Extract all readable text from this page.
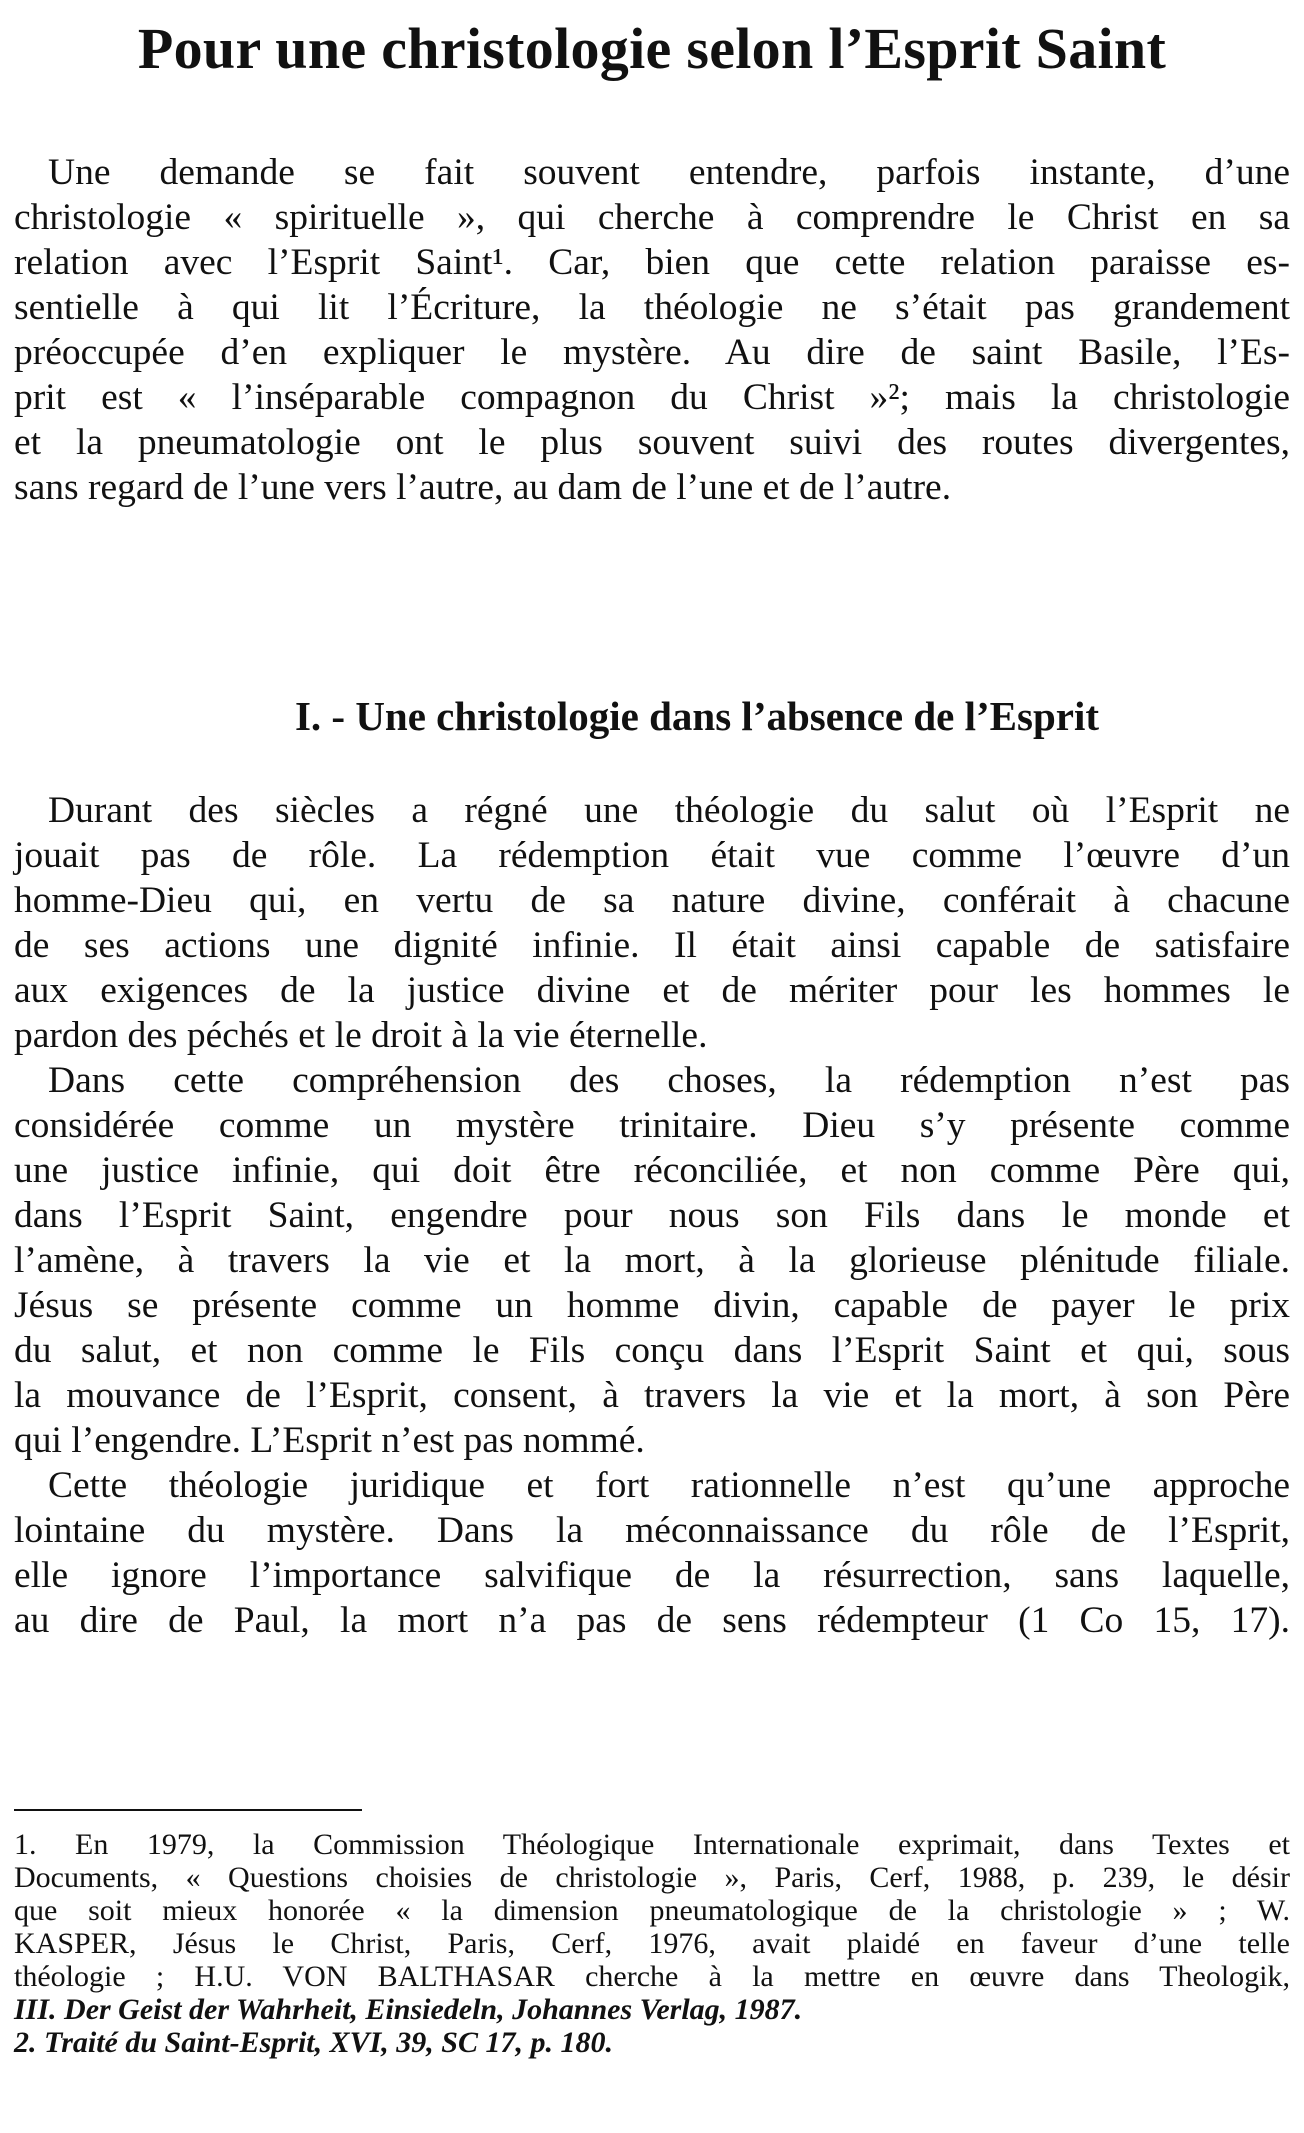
Pour une christologie selon l’Esprit Saint
Une demande se fait souvent entendre, parfois instante, d’une
christologie « spirituelle », qui cherche à comprendre le Christ en sa
relation avec l’Esprit Saint¹. Car, bien que cette relation paraisse es-
sentielle à qui lit l’Écriture, la théologie ne s’était pas grandement
préoccupée d’en expliquer le mystère. Au dire de saint Basile, l’Es-
prit est « l’inséparable compagnon du Christ »²; mais la christologie
et la pneumatologie ont le plus souvent suivi des routes divergentes,
sans regard de l’une vers l’autre, au dam de l’une et de l’autre.
I. - Une christologie dans l’absence de l’Esprit
Durant des siècles a régné une théologie du salut où l’Esprit ne
jouait pas de rôle. La rédemption était vue comme l’œuvre d’un
homme-Dieu qui, en vertu de sa nature divine, conférait à chacune
de ses actions une dignité infinie. Il était ainsi capable de satisfaire
aux exigences de la justice divine et de mériter pour les hommes le
pardon des péchés et le droit à la vie éternelle.
Dans cette compréhension des choses, la rédemption n’est pas
considérée comme un mystère trinitaire. Dieu s’y présente comme
une justice infinie, qui doit être réconciliée, et non comme Père qui,
dans l’Esprit Saint, engendre pour nous son Fils dans le monde et
l’amène, à travers la vie et la mort, à la glorieuse plénitude filiale.
Jésus se présente comme un homme divin, capable de payer le prix
du salut, et non comme le Fils conçu dans l’Esprit Saint et qui, sous
la mouvance de l’Esprit, consent, à travers la vie et la mort, à son Père
qui l’engendre. L’Esprit n’est pas nommé.
Cette théologie juridique et fort rationnelle n’est qu’une approche
lointaine du mystère. Dans la méconnaissance du rôle de l’Esprit,
elle ignore l’importance salvifique de la résurrection, sans laquelle,
au dire de Paul, la mort n’a pas de sens rédempteur (1 Co 15, 17).
1. En 1979, la Commission Théologique Internationale exprimait, dans Textes et
Documents, « Questions choisies de christologie », Paris, Cerf, 1988, p. 239, le désir
que soit mieux honorée « la dimension pneumatologique de la christologie » ; W.
KASPER, Jésus le Christ, Paris, Cerf, 1976, avait plaidé en faveur d’une telle
théologie ; H.U. VON BALTHASAR cherche à la mettre en œuvre dans Theologik,
III. Der Geist der Wahrheit, Einsiedeln, Johannes Verlag, 1987.
2. Traité du Saint-Esprit, XVI, 39, SC 17, p. 180.
